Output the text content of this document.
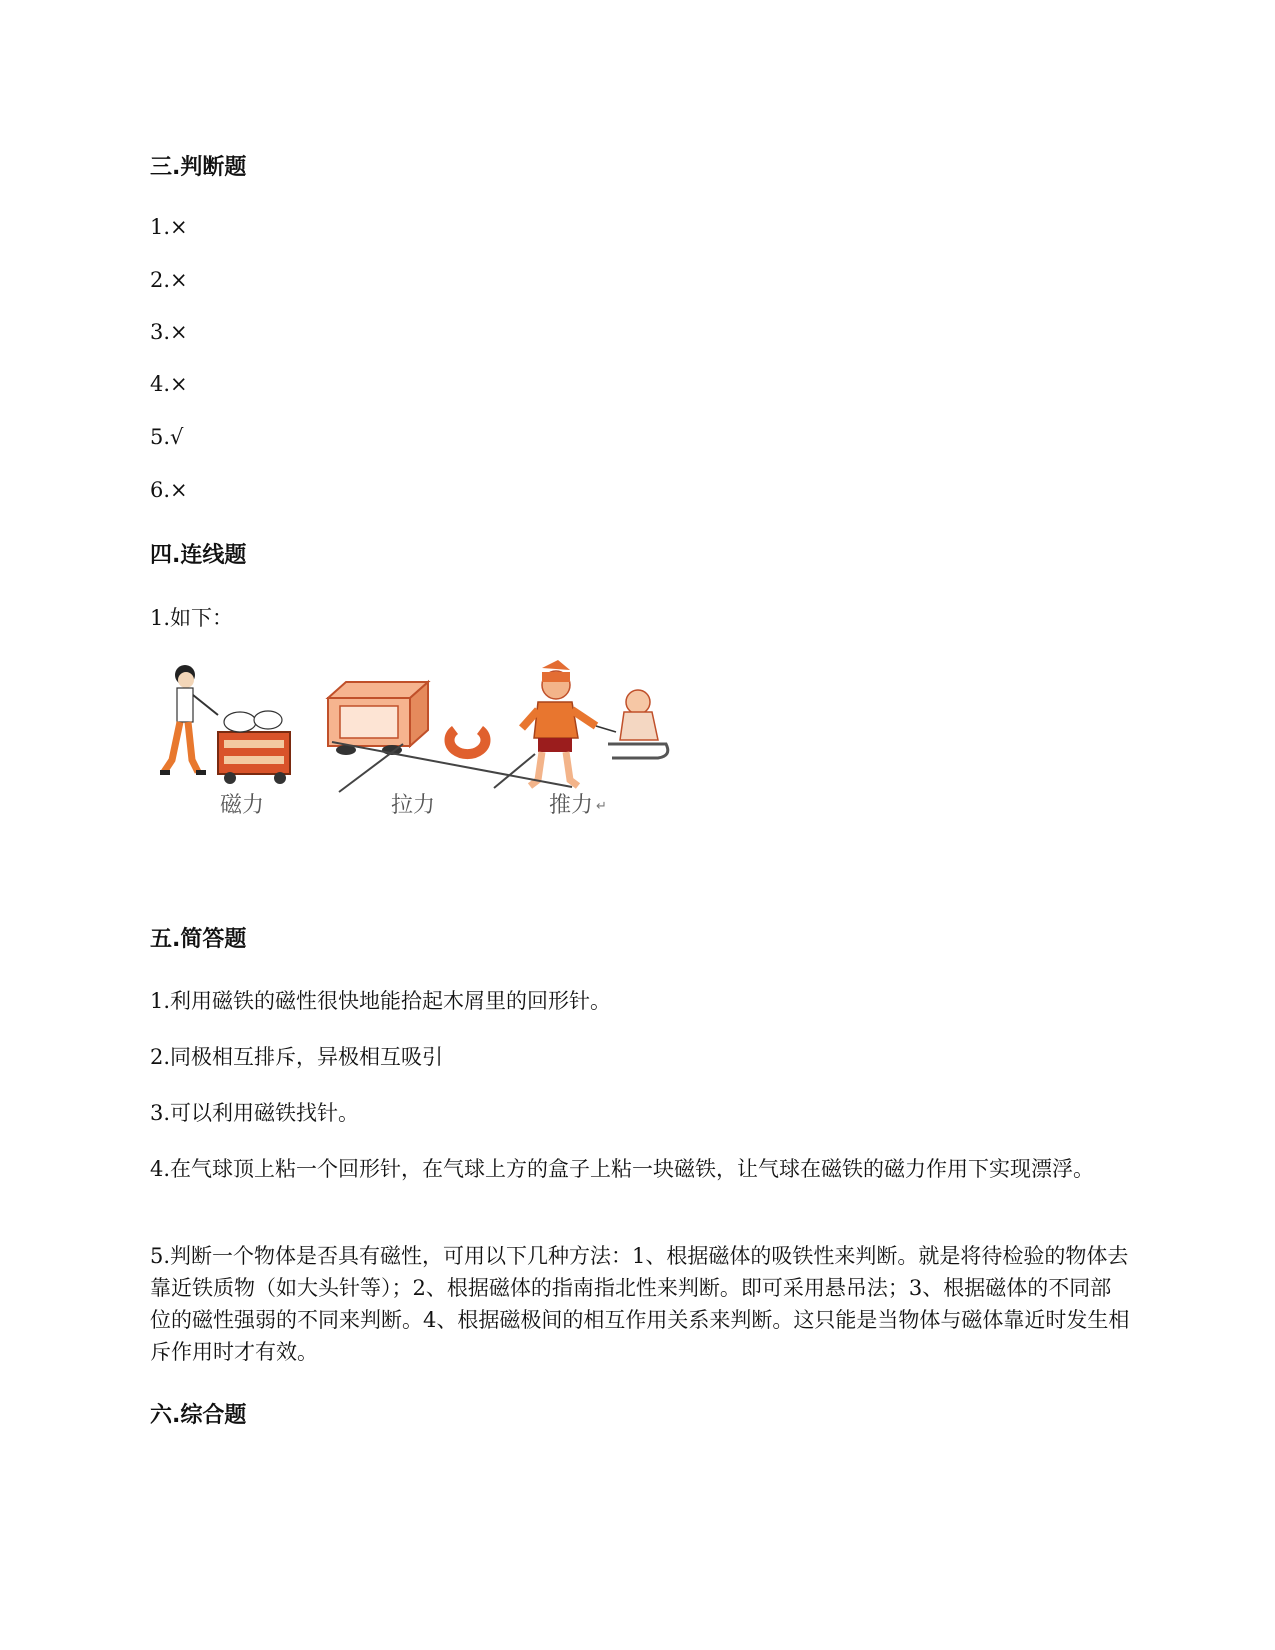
三.判断题
1.×
2.×
3.×
4.×
5.√
6.×
四.连线题
1.如下：
磁力	拉力	推力 ↵
五.简答题
1.利用磁铁的磁性很快地能拾起木屑里的回形针。
2.同极相互排斥，异极相互吸引
3.可以利用磁铁找针。
4.在气球顶上粘一个回形针，在气球上方的盒子上粘一块磁铁，让气球在磁铁的磁力作用下实现漂浮。
5.判断一个物体是否具有磁性，可用以下几种方法：1、根据磁体的吸铁性来判断。就是将待检验的物体去靠近铁质物（如大头针等）；2、根据磁体的指南指北性来判断。即可采用悬吊法；3、根据磁体的不同部位的磁性强弱的不同来判断。4、根据磁极间的相互作用关系来判断。这只能是当物体与磁体靠近时发生相斥作用时才有效。
六.综合题
